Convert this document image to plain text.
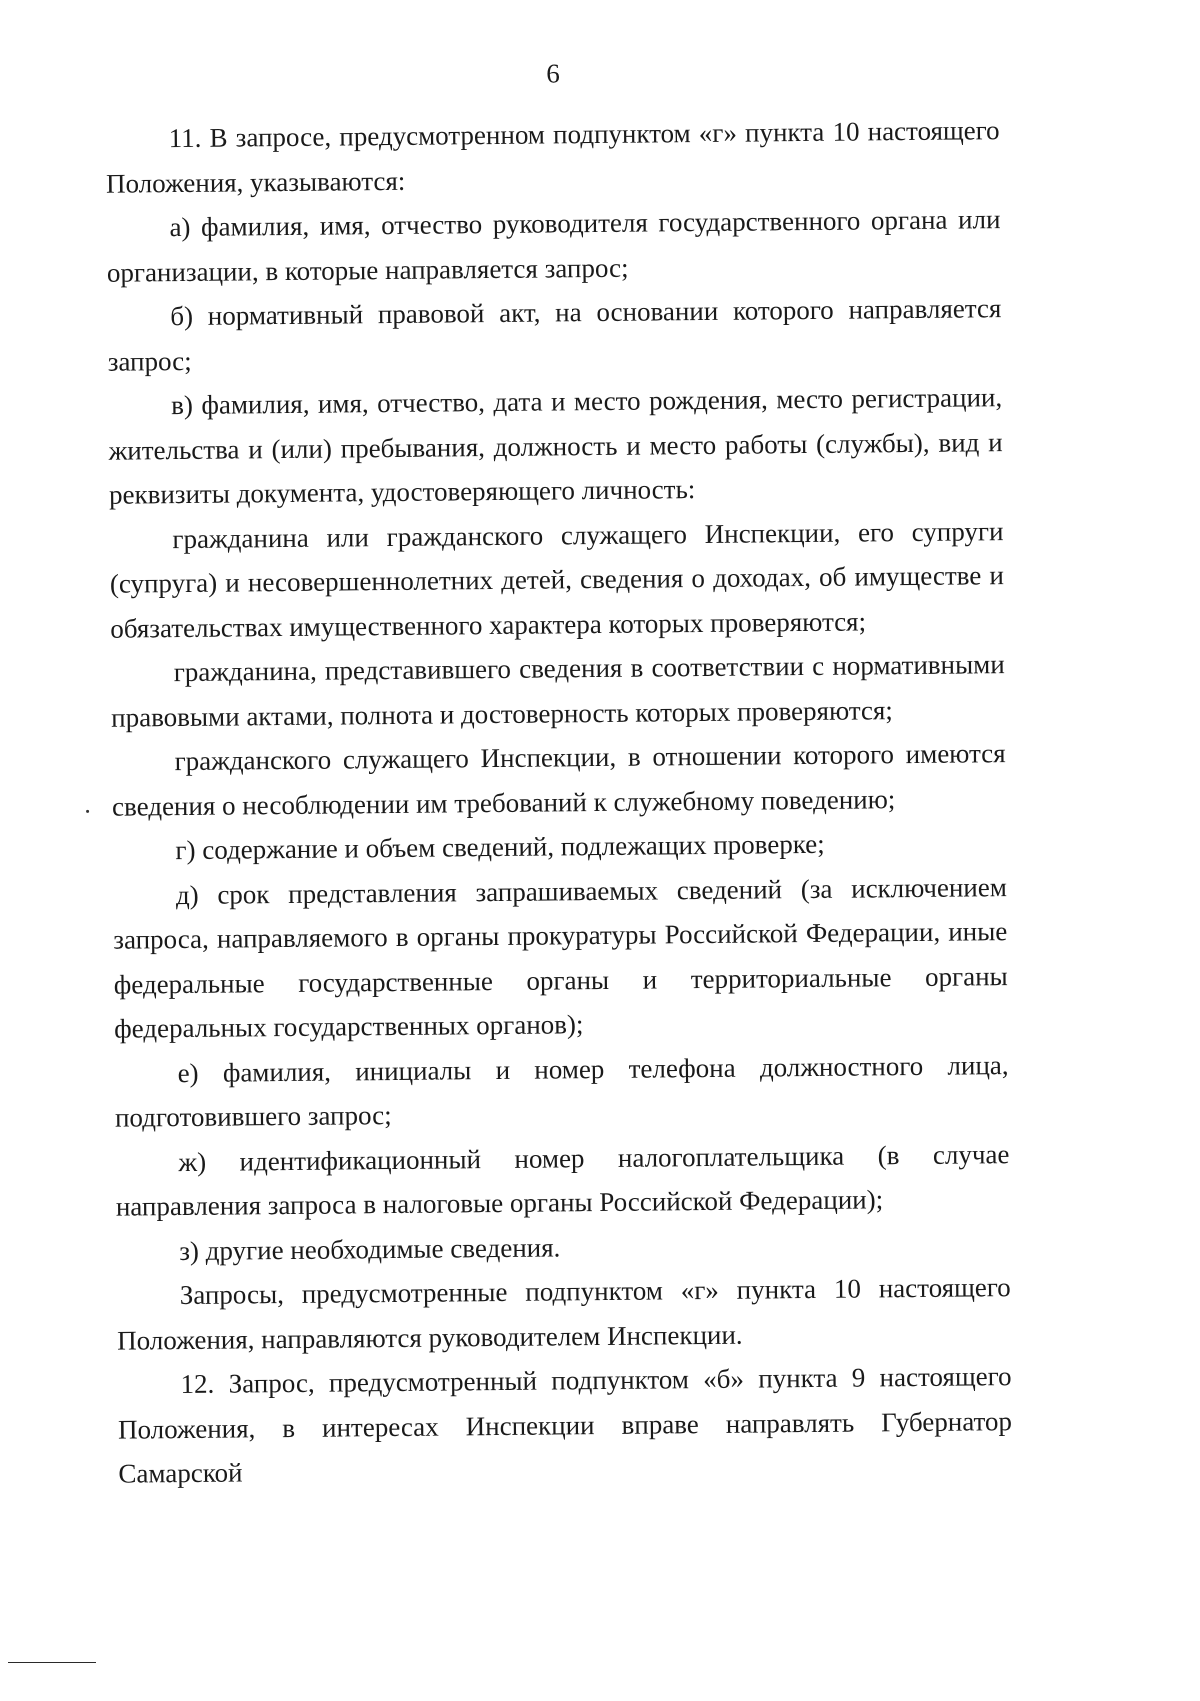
6

11. В запросе, предусмотренном подпунктом «г» пункта 10 настоящего Положения, указываются:

а) фамилия, имя, отчество руководителя государственного органа или организации, в которые направляется запрос;

б) нормативный правовой акт, на основании которого направляется запрос;

в) фамилия, имя, отчество, дата и место рождения, место регистрации, жительства и (или) пребывания, должность и место работы (службы), вид и реквизиты документа, удостоверяющего личность:

гражданина или гражданского служащего Инспекции, его супруги (супруга) и несовершеннолетних детей, сведения о доходах, об имуществе и обязательствах имущественного характера которых проверяются;

гражданина, представившего сведения в соответствии с нормативными правовыми актами, полнота и достоверность которых проверяются;

гражданского служащего Инспекции, в отношении которого имеются сведения о несоблюдении им требований к служебному поведению;

г) содержание и объем сведений, подлежащих проверке;

д) срок представления запрашиваемых сведений (за исключением запроса, направляемого в органы прокуратуры Российской Федерации, иные федеральные государственные органы и территориальные органы федеральных государственных органов);

е) фамилия, инициалы и номер телефона должностного лица, подготовившего запрос;

ж) идентификационный номер налогоплательщика (в случае направления запроса в налоговые органы Российской Федерации);

з) другие необходимые сведения.

Запросы, предусмотренные подпунктом «г» пункта 10 настоящего Положения, направляются руководителем Инспекции.

12. Запрос, предусмотренный подпунктом «б» пункта 9 настоящего Положения, в интересах Инспекции вправе направлять Губернатор Самарской
